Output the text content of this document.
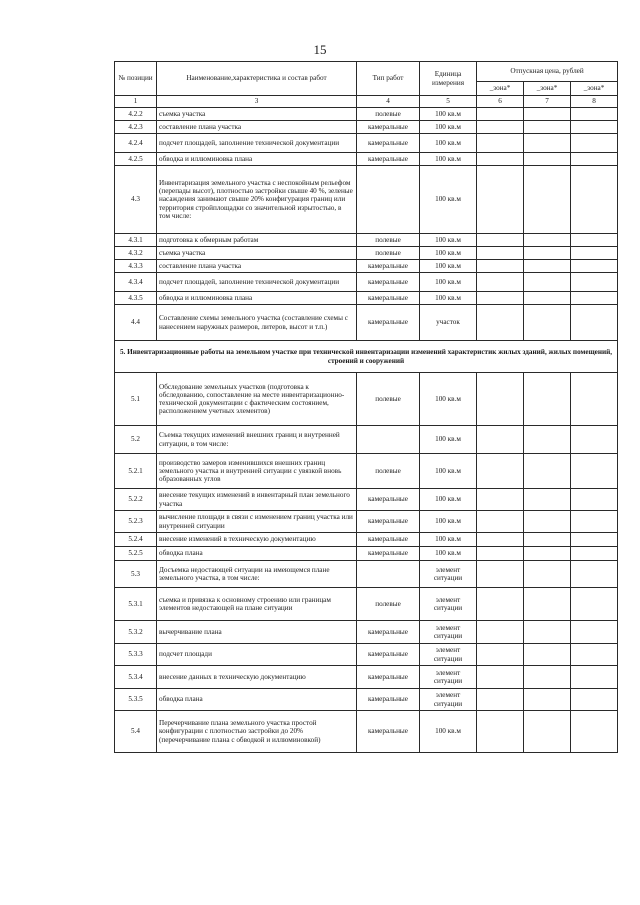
15
№ позиции	Наименование,характеристика и состав работ	Тип работ	Единица измерения	Отпускная цена, рублей		
				_зона*	_зона*	_зона*
1	3	4	5	6	7	8
4.2.2	съемка участка	полевые	100 кв.м			
4.2.3	составление плана участка	камеральные	100 кв.м			
4.2.4	подсчет площадей, заполнение технической документации	камеральные	100 кв.м			
4.2.5	обводка и иллюминовка плана	камеральные	100 кв.м			
4.3	Инвентаризация земельного участка с неспокойным рельефом (перепады высот), плотностью застройки свыше 40 %, зеленые насаждения занимают свыше 20% конфигурация границ или территория стройплощадки со значительной изрытостью, в том числе:		100 кв.м			
4.3.1	подготовка к обмерным работам	полевые	100 кв.м			
4.3.2	съемка участка	полевые	100 кв.м			
4.3.3	составление плана участка	камеральные	100 кв.м			
4.3.4	подсчет площадей, заполнение технической документации	камеральные	100 кв.м			
4.3.5	обводка и иллюминовка плана	камеральные	100 кв.м			
4.4	Составление схемы земельного участка (составление схемы с нанесением наружных размеров, литеров, высот и т.п.)	камеральные	участок			
5. Инвентаризационные работы на земельном участке при технической инвентаризации изменений характеристик жилых зданий, жилых помещений, строений и сооружений						
5.1	Обследование земельных участков (подготовка к обследованию, сопоставление на месте инвентаризационно-технической документации с фактическим состоянием, расположением учетных элементов)	полевые	100 кв.м			
5.2	Съемка текущих изменений внешних границ и внутренней ситуации, в том числе:		100 кв.м			
5.2.1	производство замеров изменившихся внешних границ земельного участка и внутренней ситуации с увязкой вновь образованных углов	полевые	100 кв.м			
5.2.2	внесение текущих изменений в инвентарный план земельного участка	камеральные	100 кв.м			
5.2.3	вычисление площади в связи с изменением границ участка или внутренней ситуации	камеральные	100 кв.м			
5.2.4	внесение изменений в техническую документацию	камеральные	100 кв.м			
5.2.5	обводка плана	камеральные	100 кв.м			
5.3	Досъемка недостающей ситуации на имеющемся плане земельного участка, в том числе:		элемент ситуации			
5.3.1	съемка и привязка к основному строению или границам элементов недостающей на плане ситуации	полевые	элемент ситуации			
5.3.2	вычерчивание плана	камеральные	элемент ситуации			
5.3.3	подсчет площади	камеральные	элемент ситуации			
5.3.4	внесение данных в техническую документацию	камеральные	элемент ситуации			
5.3.5	обводка плана	камеральные	элемент ситуации			
5.4	Перечерчивание плана земельного участка простой конфигурации с плотностью застройки до 20% (перечерчивание плана с обводкой и иллюминовкой)	камеральные	100 кв.м			
